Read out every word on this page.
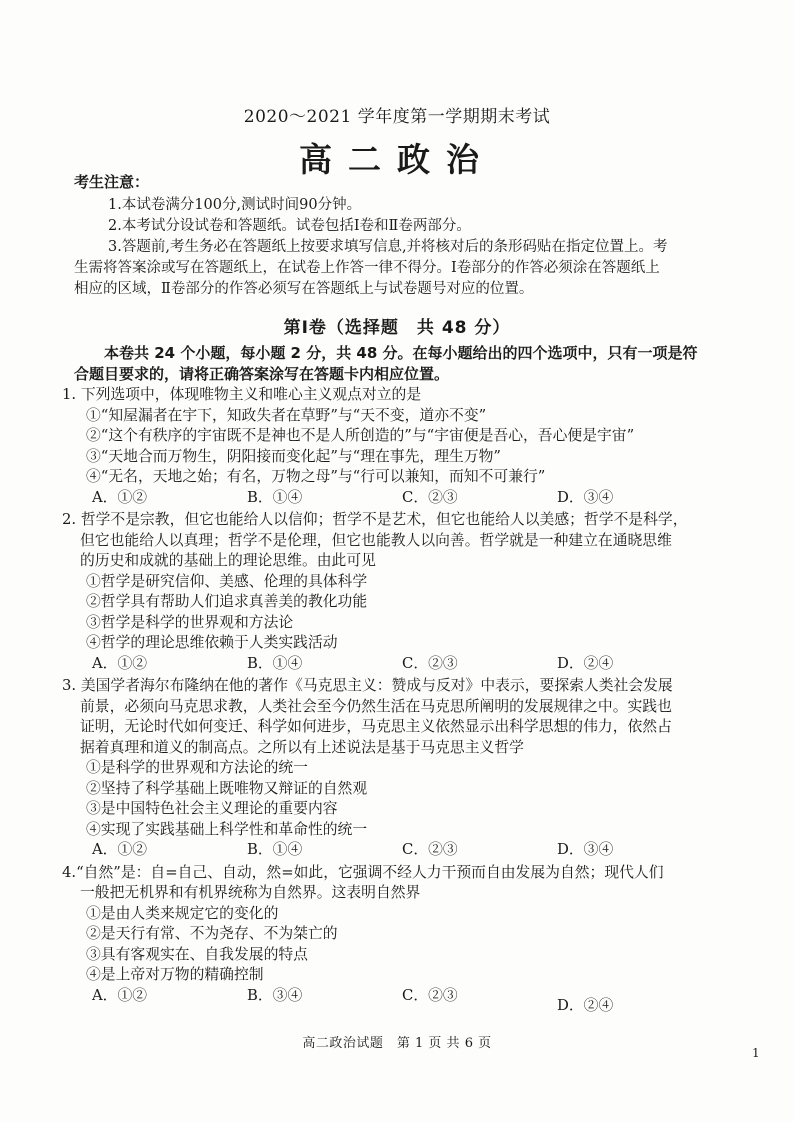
2020～2021 学年度第一学期期末考试
高二政治
考生注意：
1.本试卷满分100分,测试时间90分钟。
2.本考试分设试卷和答题纸。试卷包括Ⅰ卷和Ⅱ卷两部分。
3.答题前,考生务必在答题纸上按要求填写信息,并将核对后的条形码贴在指定位置上。考
生需将答案涂或写在答题纸上，在试卷上作答一律不得分。Ⅰ卷部分的作答必须涂在答题纸上
相应的区域，Ⅱ卷部分的作答必须写在答题纸上与试卷题号对应的位置。
第Ⅰ卷（选择题　共 48 分）
本卷共 24 个小题，每小题 2 分，共 48 分。在每小题给出的四个选项中，只有一项是符
合题目要求的，请将正确答案涂写在答题卡内相应位置。
1. 下列选项中，体现唯物主义和唯心主义观点对立的是
①“知屋漏者在宇下，知政失者在草野”与“天不变，道亦不变”
②“这个有秩序的宇宙既不是神也不是人所创造的”与“宇宙便是吾心，吾心便是宇宙”
③“天地合而万物生，阴阳接而变化起”与“理在事先，理生万物”
④“无名，天地之始；有名，万物之母”与“行可以兼知，而知不可兼行”
A．①②	B．①④	C．②③	D．③④
2. 哲学不是宗教，但它也能给人以信仰；哲学不是艺术，但它也能给人以美感；哲学不是科学，
但它也能给人以真理；哲学不是伦理，但它也能教人以向善。哲学就是一种建立在通晓思维
的历史和成就的基础上的理论思维。由此可见
①哲学是研究信仰、美感、伦理的具体科学
②哲学具有帮助人们追求真善美的教化功能
③哲学是科学的世界观和方法论
④哲学的理论思维依赖于人类实践活动
A．①②	B．①④	C．②③	D．②④
3. 美国学者海尔布隆纳在他的著作《马克思主义：赞成与反对》中表示，要探索人类社会发展
前景，必须向马克思求教，人类社会至今仍然生活在马克思所阐明的发展规律之中。实践也
证明，无论时代如何变迁、科学如何进步，马克思主义依然显示出科学思想的伟力，依然占
据着真理和道义的制高点。之所以有上述说法是基于马克思主义哲学
①是科学的世界观和方法论的统一
②坚持了科学基础上既唯物又辩证的自然观
③是中国特色社会主义理论的重要内容
④实现了实践基础上科学性和革命性的统一
A．①②	B．①④	C．②③	D．③④
4.“自然”是：自=自己、自动，然=如此，它强调不经人力干预而自由发展为自然；现代人们
一般把无机界和有机界统称为自然界。这表明自然界
①是由人类来规定它的变化的
②是天行有常、不为尧存、不为桀亡的
③具有客观实在、自我发展的特点
④是上帝对万物的精确控制
A．①②	B．③④	C．②③
D．②④
高二政治试题　第 1 页 共 6 页
1
